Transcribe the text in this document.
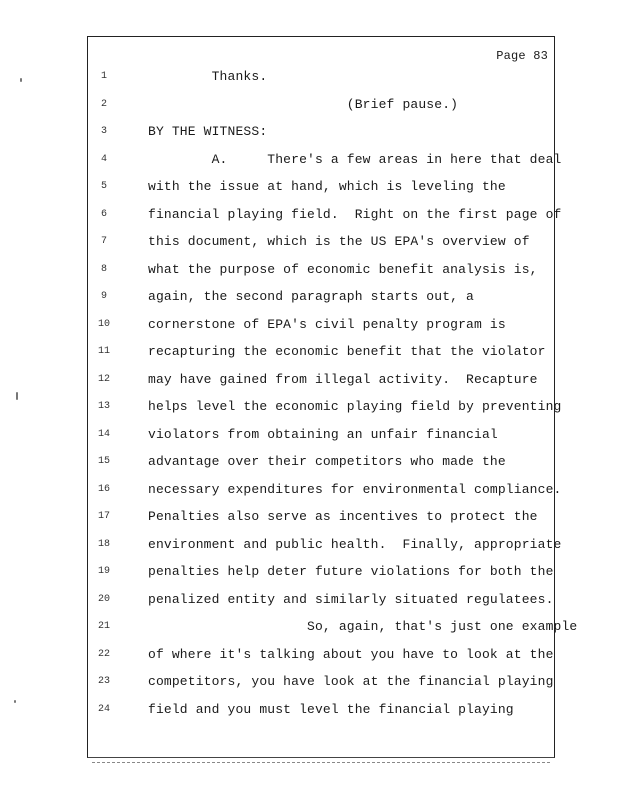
Page 83
1	Thanks.
2	(Brief pause.)
3	BY THE WITNESS:
4	A.     There's a few areas in here that deal
5	with the issue at hand, which is leveling the
6	financial playing field.  Right on the first page of
7	this document, which is the US EPA's overview of
8	what the purpose of economic benefit analysis is,
9	again, the second paragraph starts out, a
10	cornerstone of EPA's civil penalty program is
11	recapturing the economic benefit that the violator
12	may have gained from illegal activity.  Recapture
13	helps level the economic playing field by preventing
14	violators from obtaining an unfair financial
15	advantage over their competitors who made the
16	necessary expenditures for environmental compliance.
17	Penalties also serve as incentives to protect the
18	environment and public health.  Finally, appropriate
19	penalties help deter future violations for both the
20	penalized entity and similarly situated regulatees.
21	So, again, that's just one example
22	of where it's talking about you have to look at the
23	competitors, you have look at the financial playing
24	field and you must level the financial playing
